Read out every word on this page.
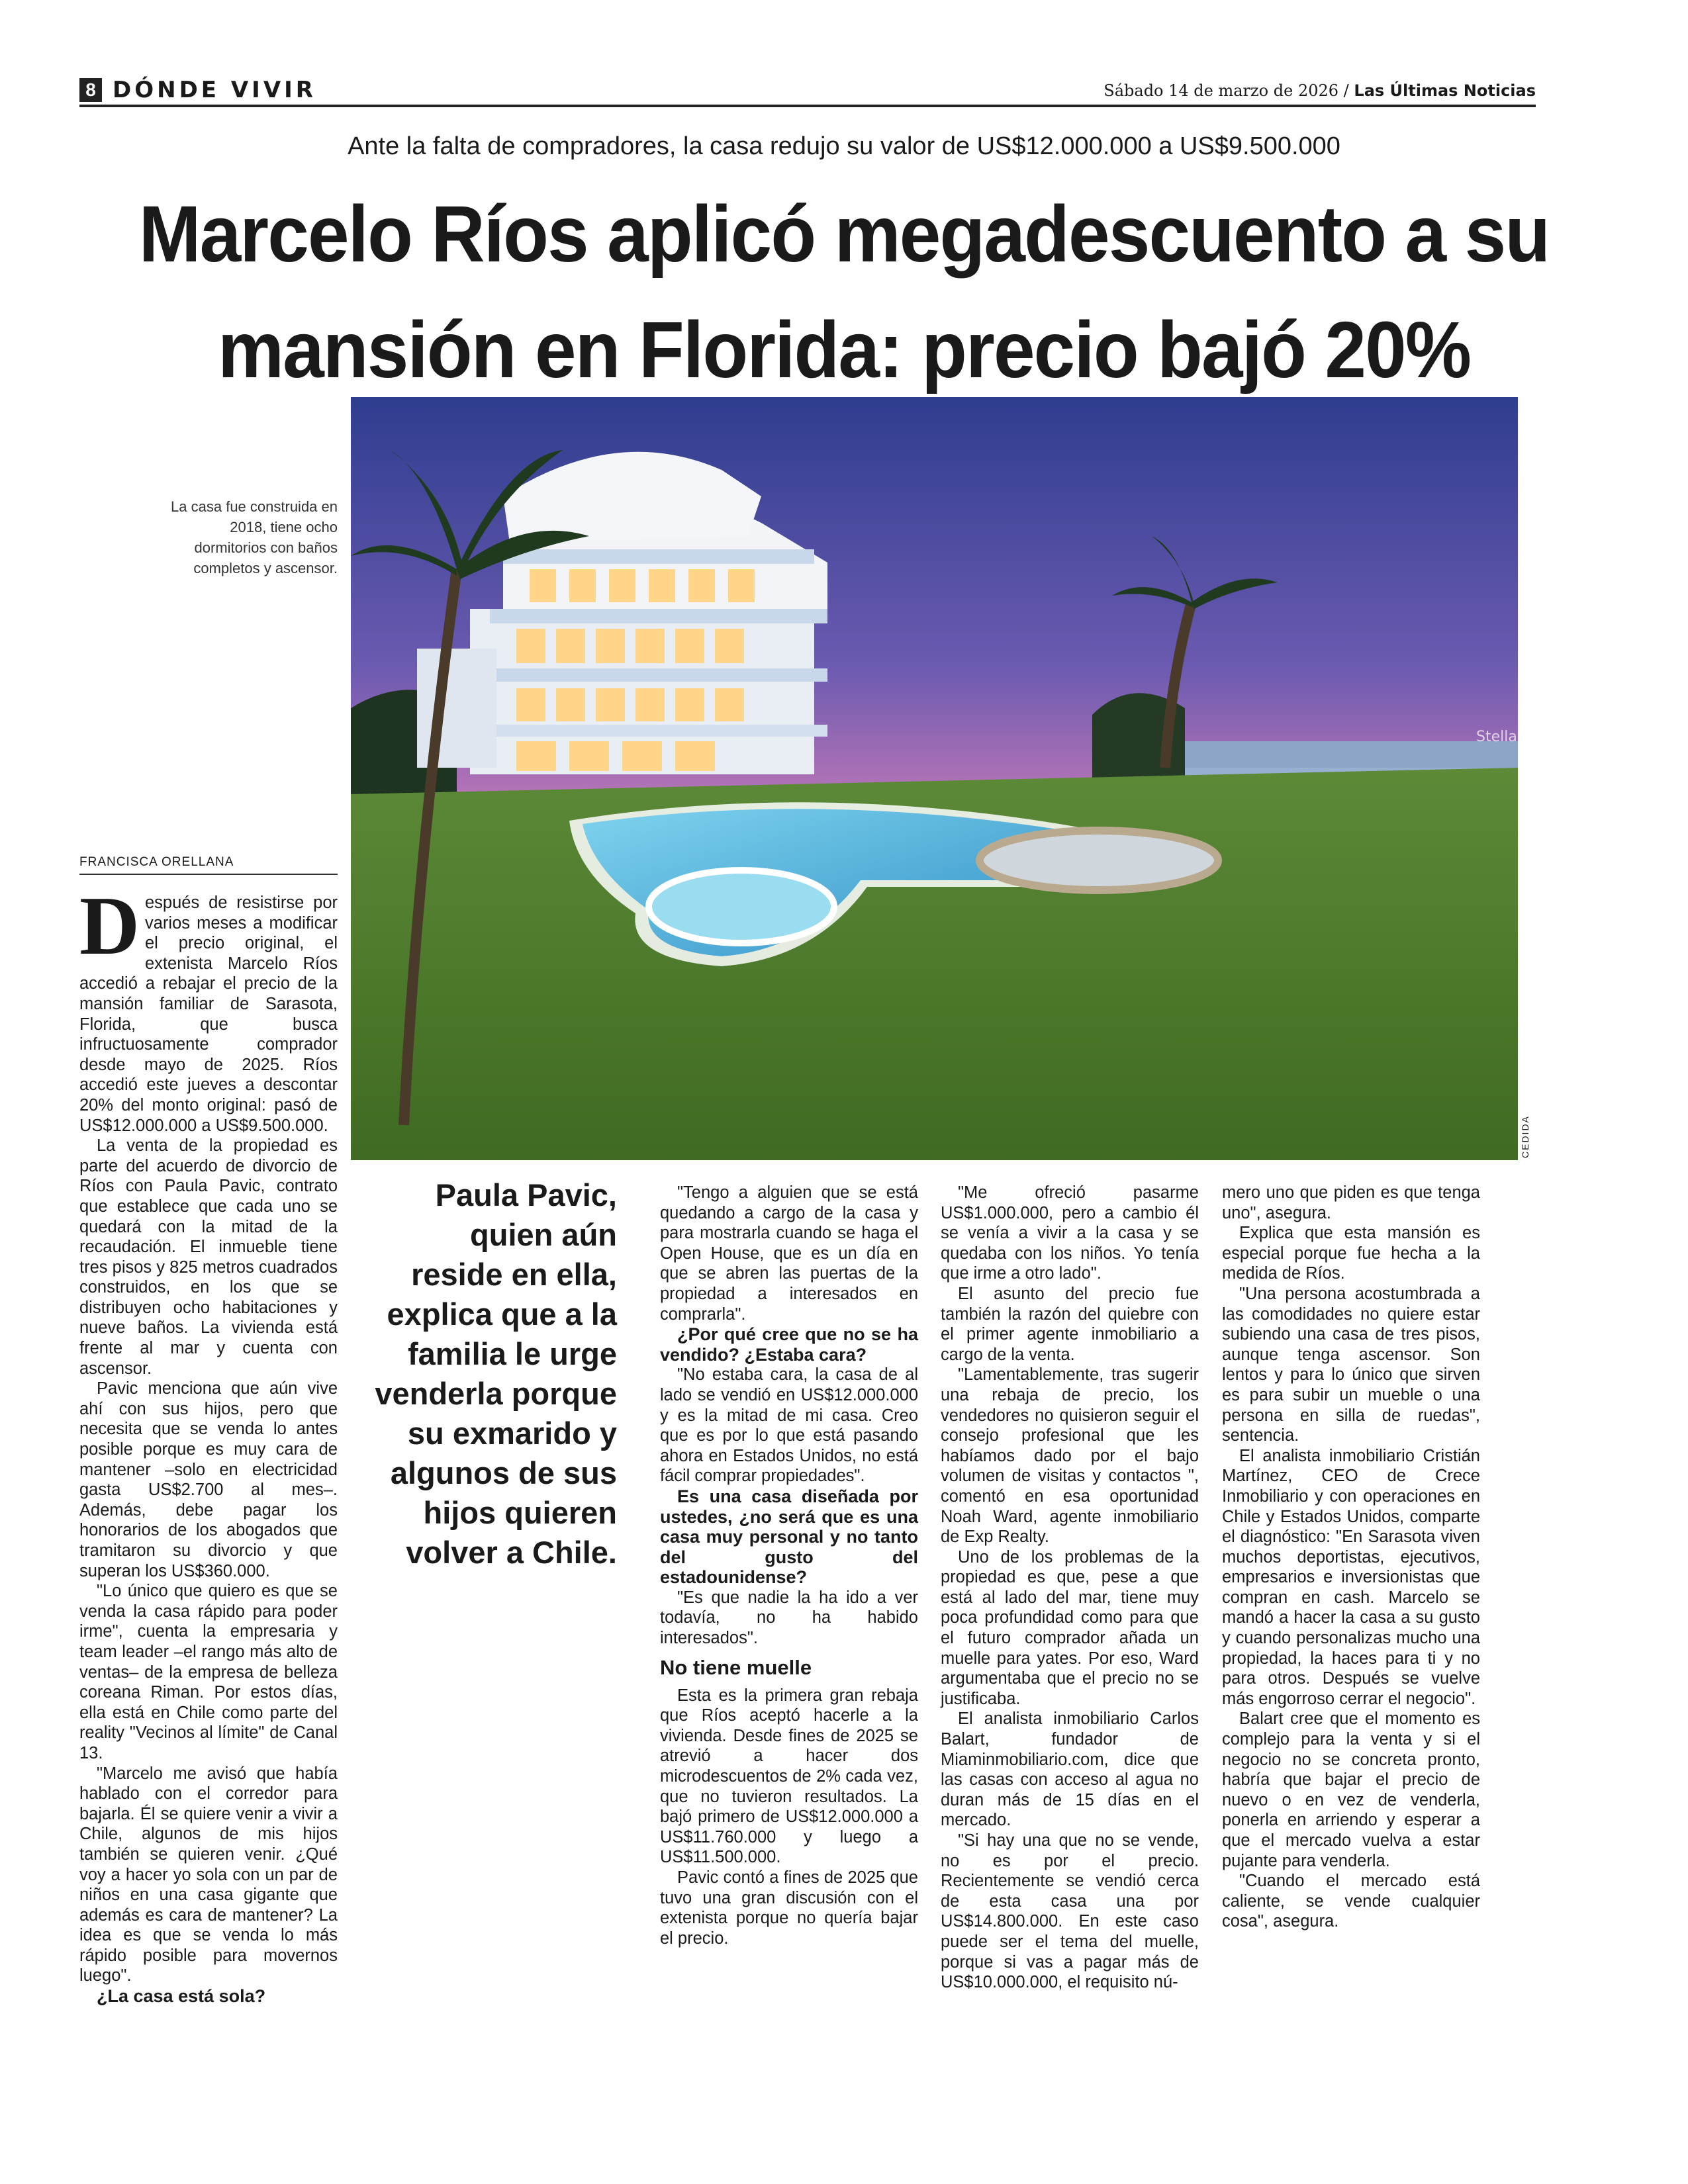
8 DÓNDE VIVIR	Sábado 14 de marzo de 2026 / Las Últimas Noticias
Ante la falta de compradores, la casa redujo su valor de US$12.000.000 a US$9.500.000
Marcelo Ríos aplicó megadescuento a su mansión en Florida: precio bajó 20%
Stellar
CEDIDA
La casa fue construida en 2018, tiene ocho dormitorios con baños completos y ascensor.
FRANCISCA ORELLANA

Después de resistirse por varios meses a modificar el precio original, el extenista Marcelo Ríos accedió a rebajar el precio de la mansión familiar de Sarasota, Florida, que busca infructuosamente comprador desde mayo de 2025. Ríos accedió este jueves a descontar 20% del monto original: pasó de US$12.000.000 a US$9.500.000.

La venta de la propiedad es parte del acuerdo de divorcio de Ríos con Paula Pavic, contrato que establece que cada uno se quedará con la mitad de la recaudación. El inmueble tiene tres pisos y 825 metros cuadrados construidos, en los que se distribuyen ocho habitaciones y nueve baños. La vivienda está frente al mar y cuenta con ascensor.

Pavic menciona que aún vive ahí con sus hijos, pero que necesita que se venda lo antes posible porque es muy cara de mantener –solo en electricidad gasta US$2.700 al mes–. Además, debe pagar los honorarios de los abogados que tramitaron su divorcio y que superan los US$360.000.

"Lo único que quiero es que se venda la casa rápido para poder irme", cuenta la empresaria y team leader –el rango más alto de ventas– de la empresa de belleza coreana Riman. Por estos días, ella está en Chile como parte del reality "Vecinos al límite" de Canal 13.

"Marcelo me avisó que había hablado con el corredor para bajarla. Él se quiere venir a vivir a Chile, algunos de mis hijos también se quieren venir. ¿Qué voy a hacer yo sola con un par de niños en una casa gigante que además es cara de mantener? La idea es que se venda lo más rápido posible para movernos luego".

¿La casa está sola?

Paula Pavic, quien aún reside en ella, explica que a la familia le urge venderla porque su exmarido y algunos de sus hijos quieren volver a Chile.

"Tengo a alguien que se está quedando a cargo de la casa y para mostrarla cuando se haga el Open House, que es un día en que se abren las puertas de la propiedad a interesados en comprarla".

¿Por qué cree que no se ha vendido? ¿Estaba cara?

"No estaba cara, la casa de al lado se vendió en US$12.000.000 y es la mitad de mi casa. Creo que es por lo que está pasando ahora en Estados Unidos, no está fácil comprar propiedades".

Es una casa diseñada por ustedes, ¿no será que es una casa muy personal y no tanto del gusto del estadounidense?

"Es que nadie la ha ido a ver todavía, no ha habido interesados".

No tiene muelle

Esta es la primera gran rebaja que Ríos aceptó hacerle a la vivienda. Desde fines de 2025 se atrevió a hacer dos microdescuentos de 2% cada vez, que no tuvieron resultados. La bajó primero de US$12.000.000 a US$11.760.000 y luego a US$11.500.000.

Pavic contó a fines de 2025 que tuvo una gran discusión con el extenista porque no quería bajar el precio.

"Me ofreció pasarme US$1.000.000, pero a cambio él se venía a vivir a la casa y se quedaba con los niños. Yo tenía que irme a otro lado".

El asunto del precio fue también la razón del quiebre con el primer agente inmobiliario a cargo de la venta.

"Lamentablemente, tras sugerir una rebaja de precio, los vendedores no quisieron seguir el consejo profesional que les habíamos dado por el bajo volumen de visitas y contactos ", comentó en esa oportunidad Noah Ward, agente inmobiliario de Exp Realty.

Uno de los problemas de la propiedad es que, pese a que está al lado del mar, tiene muy poca profundidad como para que el futuro comprador añada un muelle para yates. Por eso, Ward argumentaba que el precio no se justificaba.

El analista inmobiliario Carlos Balart, fundador de Miaminmobiliario.com, dice que las casas con acceso al agua no duran más de 15 días en el mercado.

"Si hay una que no se vende, no es por el precio. Recientemente se vendió cerca de esta casa una por US$14.800.000. En este caso puede ser el tema del muelle, porque si vas a pagar más de US$10.000.000, el requisito nú-

mero uno que piden es que tenga uno", asegura.

Explica que esta mansión es especial porque fue hecha a la medida de Ríos.

"Una persona acostumbrada a las comodidades no quiere estar subiendo una casa de tres pisos, aunque tenga ascensor. Son lentos y para lo único que sirven es para subir un mueble o una persona en silla de ruedas", sentencia.

El analista inmobiliario Cristián Martínez, CEO de Crece Inmobiliario y con operaciones en Chile y Estados Unidos, comparte el diagnóstico: "En Sarasota viven muchos deportistas, ejecutivos, empresarios e inversionistas que compran en cash. Marcelo se mandó a hacer la casa a su gusto y cuando personalizas mucho una propiedad, la haces para ti y no para otros. Después se vuelve más engorroso cerrar el negocio".

Balart cree que el momento es complejo para la venta y si el negocio no se concreta pronto, habría que bajar el precio de nuevo o en vez de venderla, ponerla en arriendo y esperar a que el mercado vuelva a estar pujante para venderla.

"Cuando el mercado está caliente, se vende cualquier cosa", asegura.
